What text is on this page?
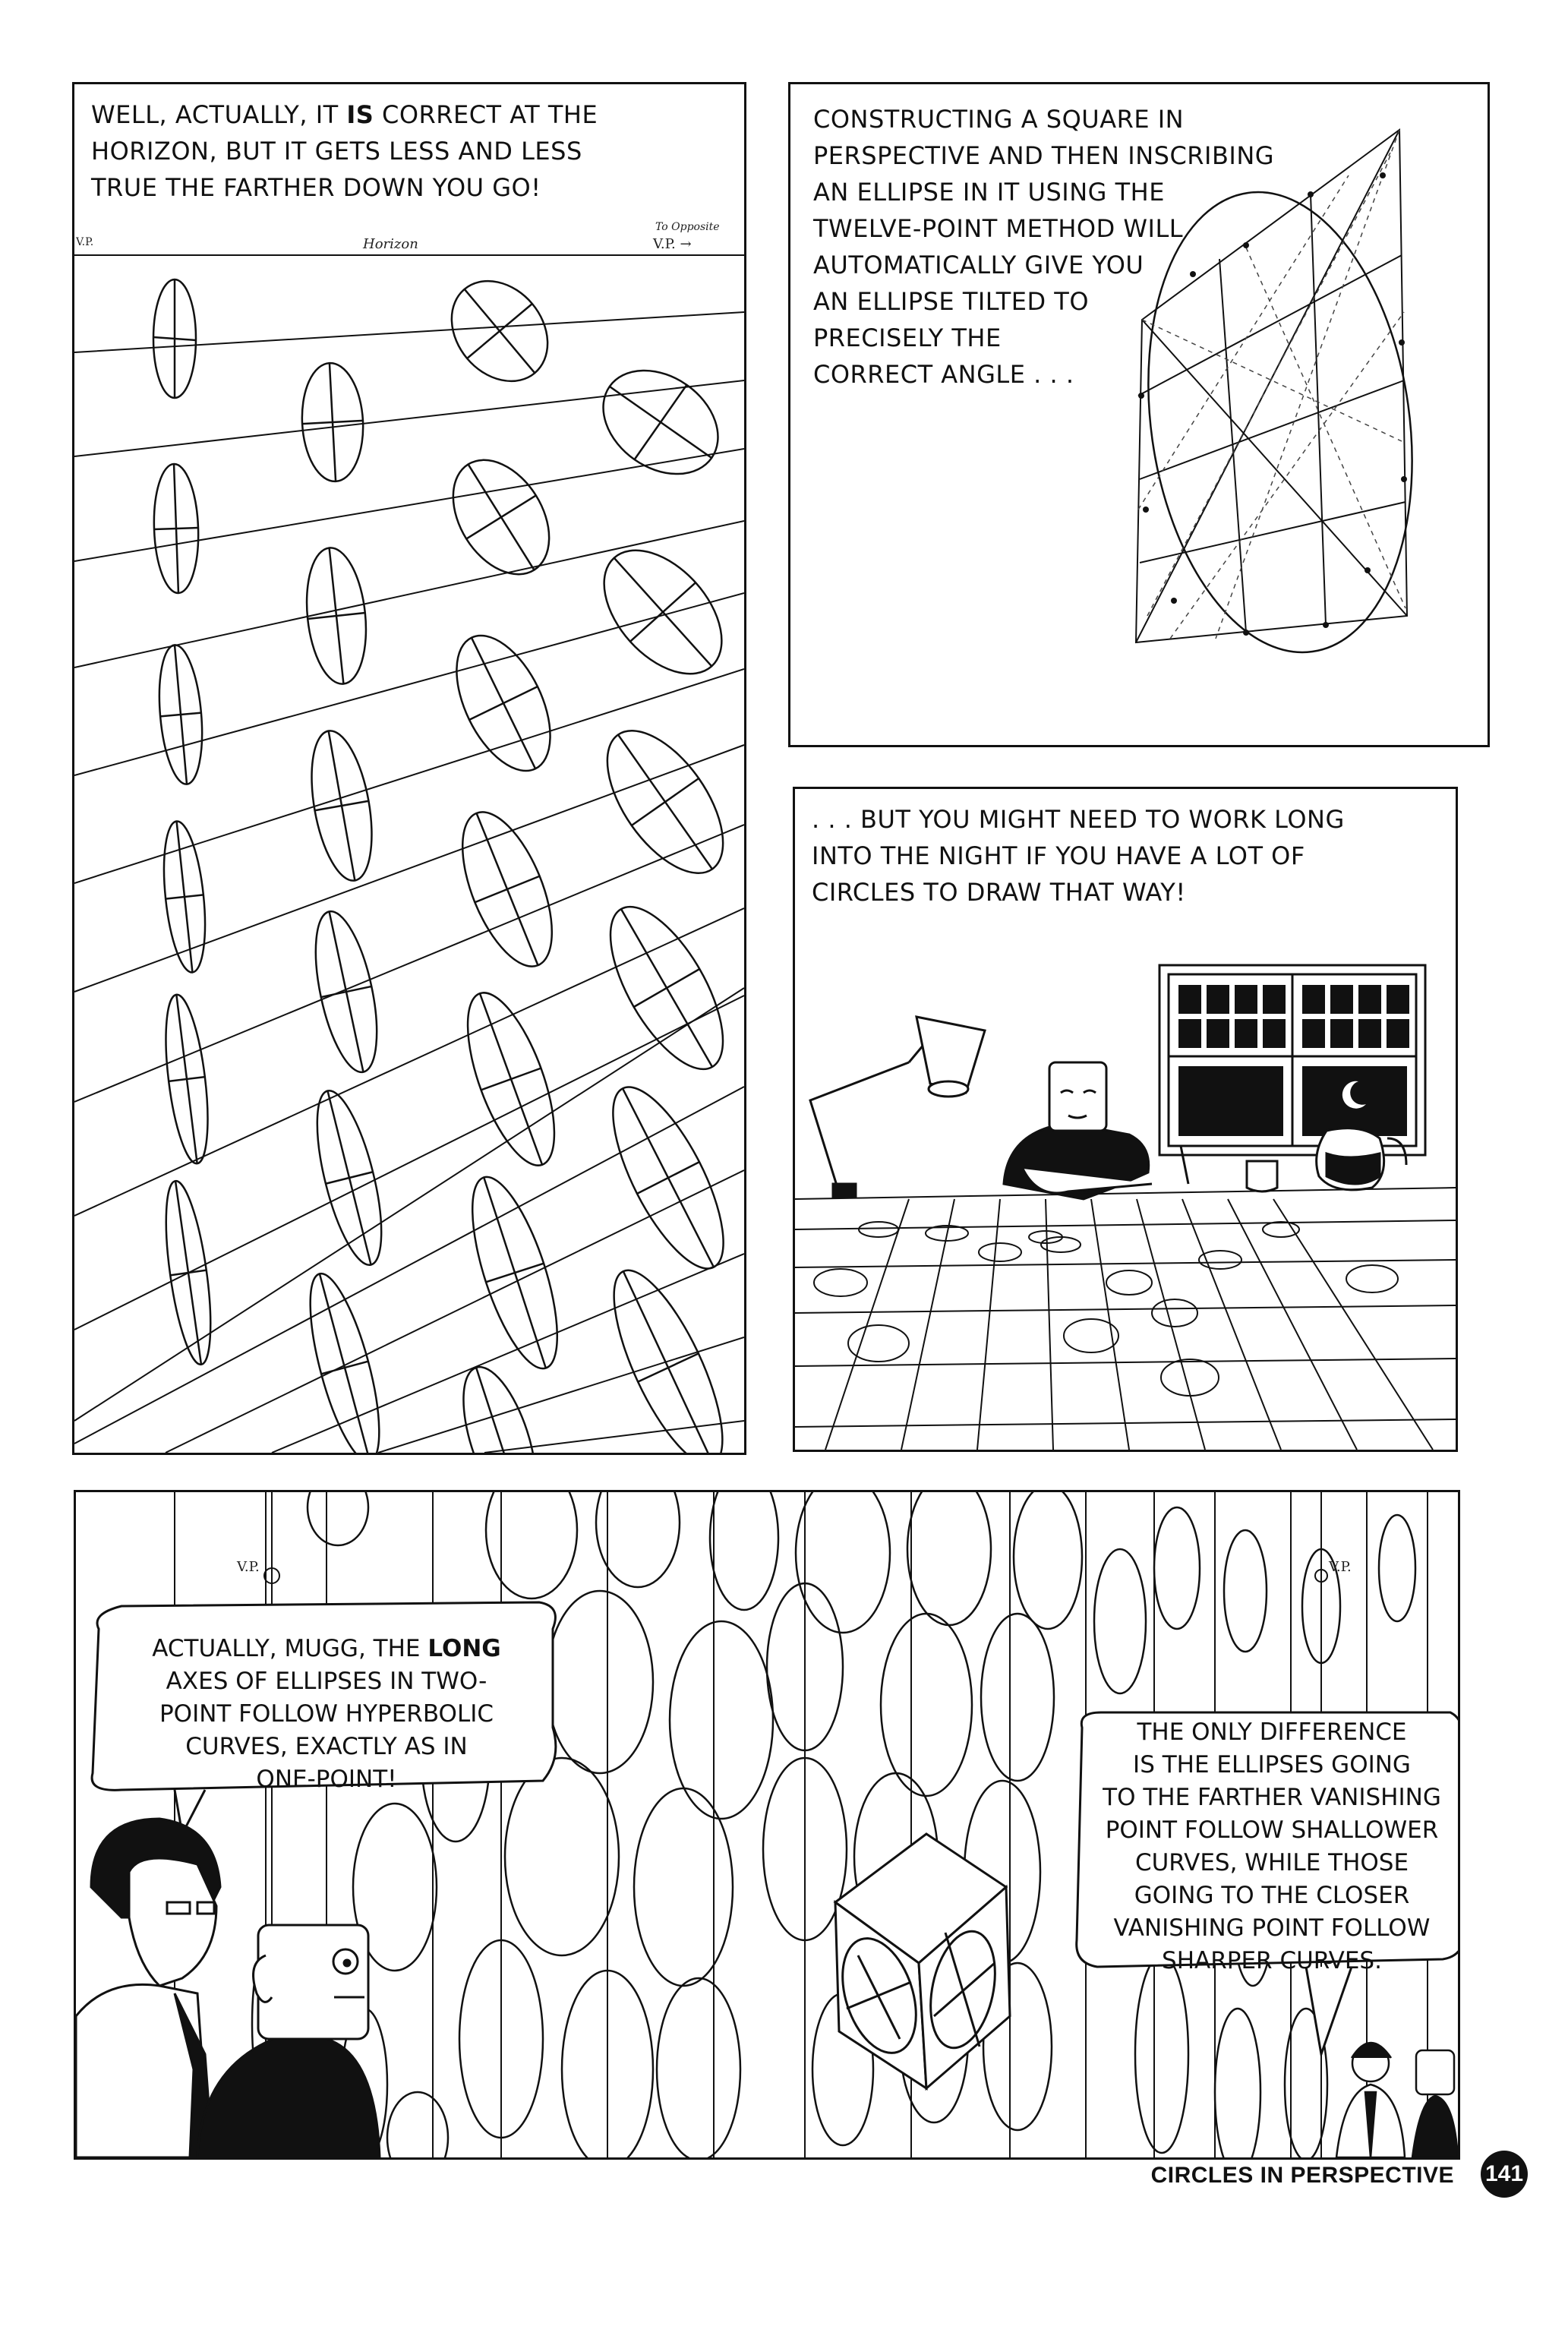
WELL, ACTUALLY, IT IS CORRECT AT THE
HORIZON, BUT IT GETS LESS AND LESS
TRUE THE FARTHER DOWN YOU GO!
V.P.	Horizon
To Opposite
V.P. →
CONSTRUCTING A SQUARE IN
PERSPECTIVE AND THEN INSCRIBING
AN ELLIPSE IN IT USING THE
TWELVE-POINT METHOD WILL
AUTOMATICALLY GIVE YOU
AN ELLIPSE TILTED TO
PRECISELY THE
CORRECT ANGLE . . .
. . . BUT YOU MIGHT NEED TO WORK LONG
INTO THE NIGHT IF YOU HAVE A LOT OF
CIRCLES TO DRAW THAT WAY!
V.P.	V.P.
ACTUALLY, MUGG, THE LONG
AXES OF ELLIPSES IN TWO-
POINT FOLLOW HYPERBOLIC
CURVES, EXACTLY AS IN
ONE-POINT!
THE ONLY DIFFERENCE
IS THE ELLIPSES GOING
TO THE FARTHER VANISHING
POINT FOLLOW SHALLOWER
CURVES, WHILE THOSE
GOING TO THE CLOSER
VANISHING POINT FOLLOW
SHARPER CURVES.
CIRCLES IN PERSPECTIVE 141
